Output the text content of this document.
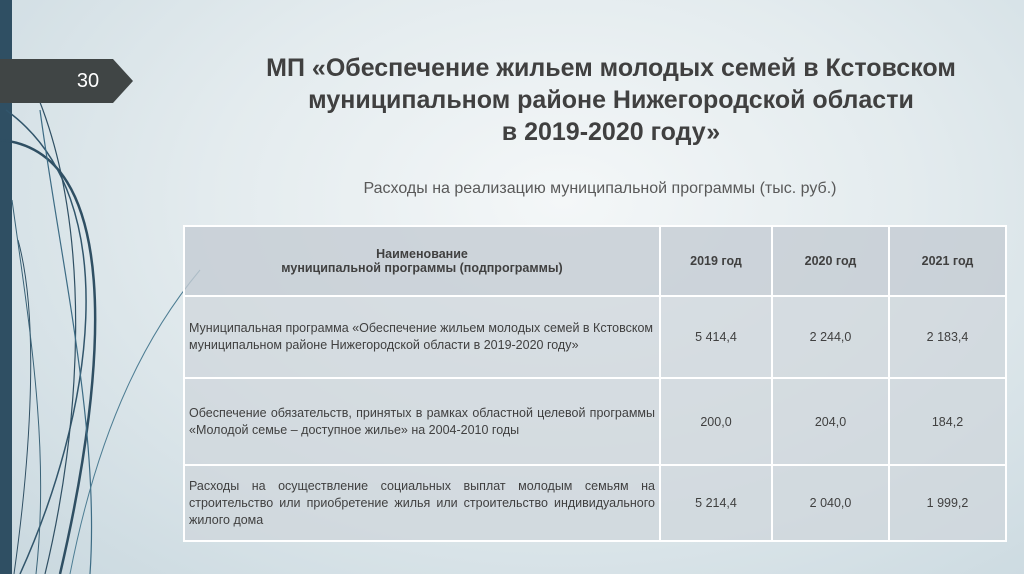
30	МП «Обеспечение жильем молодых семей в Кстовском
муниципальном районе Нижегородской области
в 2019-2020 году»
Расходы на реализацию муниципальной программы (тыс. руб.)
Наименование
муниципальной программы (подпрограммы)	2019 год	2020 год	2021 год
Муниципальная программа «Обеспечение жильем молодых семей в Кстовском муниципальном районе Нижегородской области в 2019-2020 году»	5 414,4	2 244,0	2 183,4
Обеспечение обязательств, принятых в рамках областной целевой программы «Молодой семье – доступное жилье» на 2004-2010 годы	200,0	204,0	184,2
Расходы на осуществление социальных выплат молодым семьям на строительство или приобретение жилья или строительство индивидуального жилого дома	5 214,4	2 040,0	1 999,2
